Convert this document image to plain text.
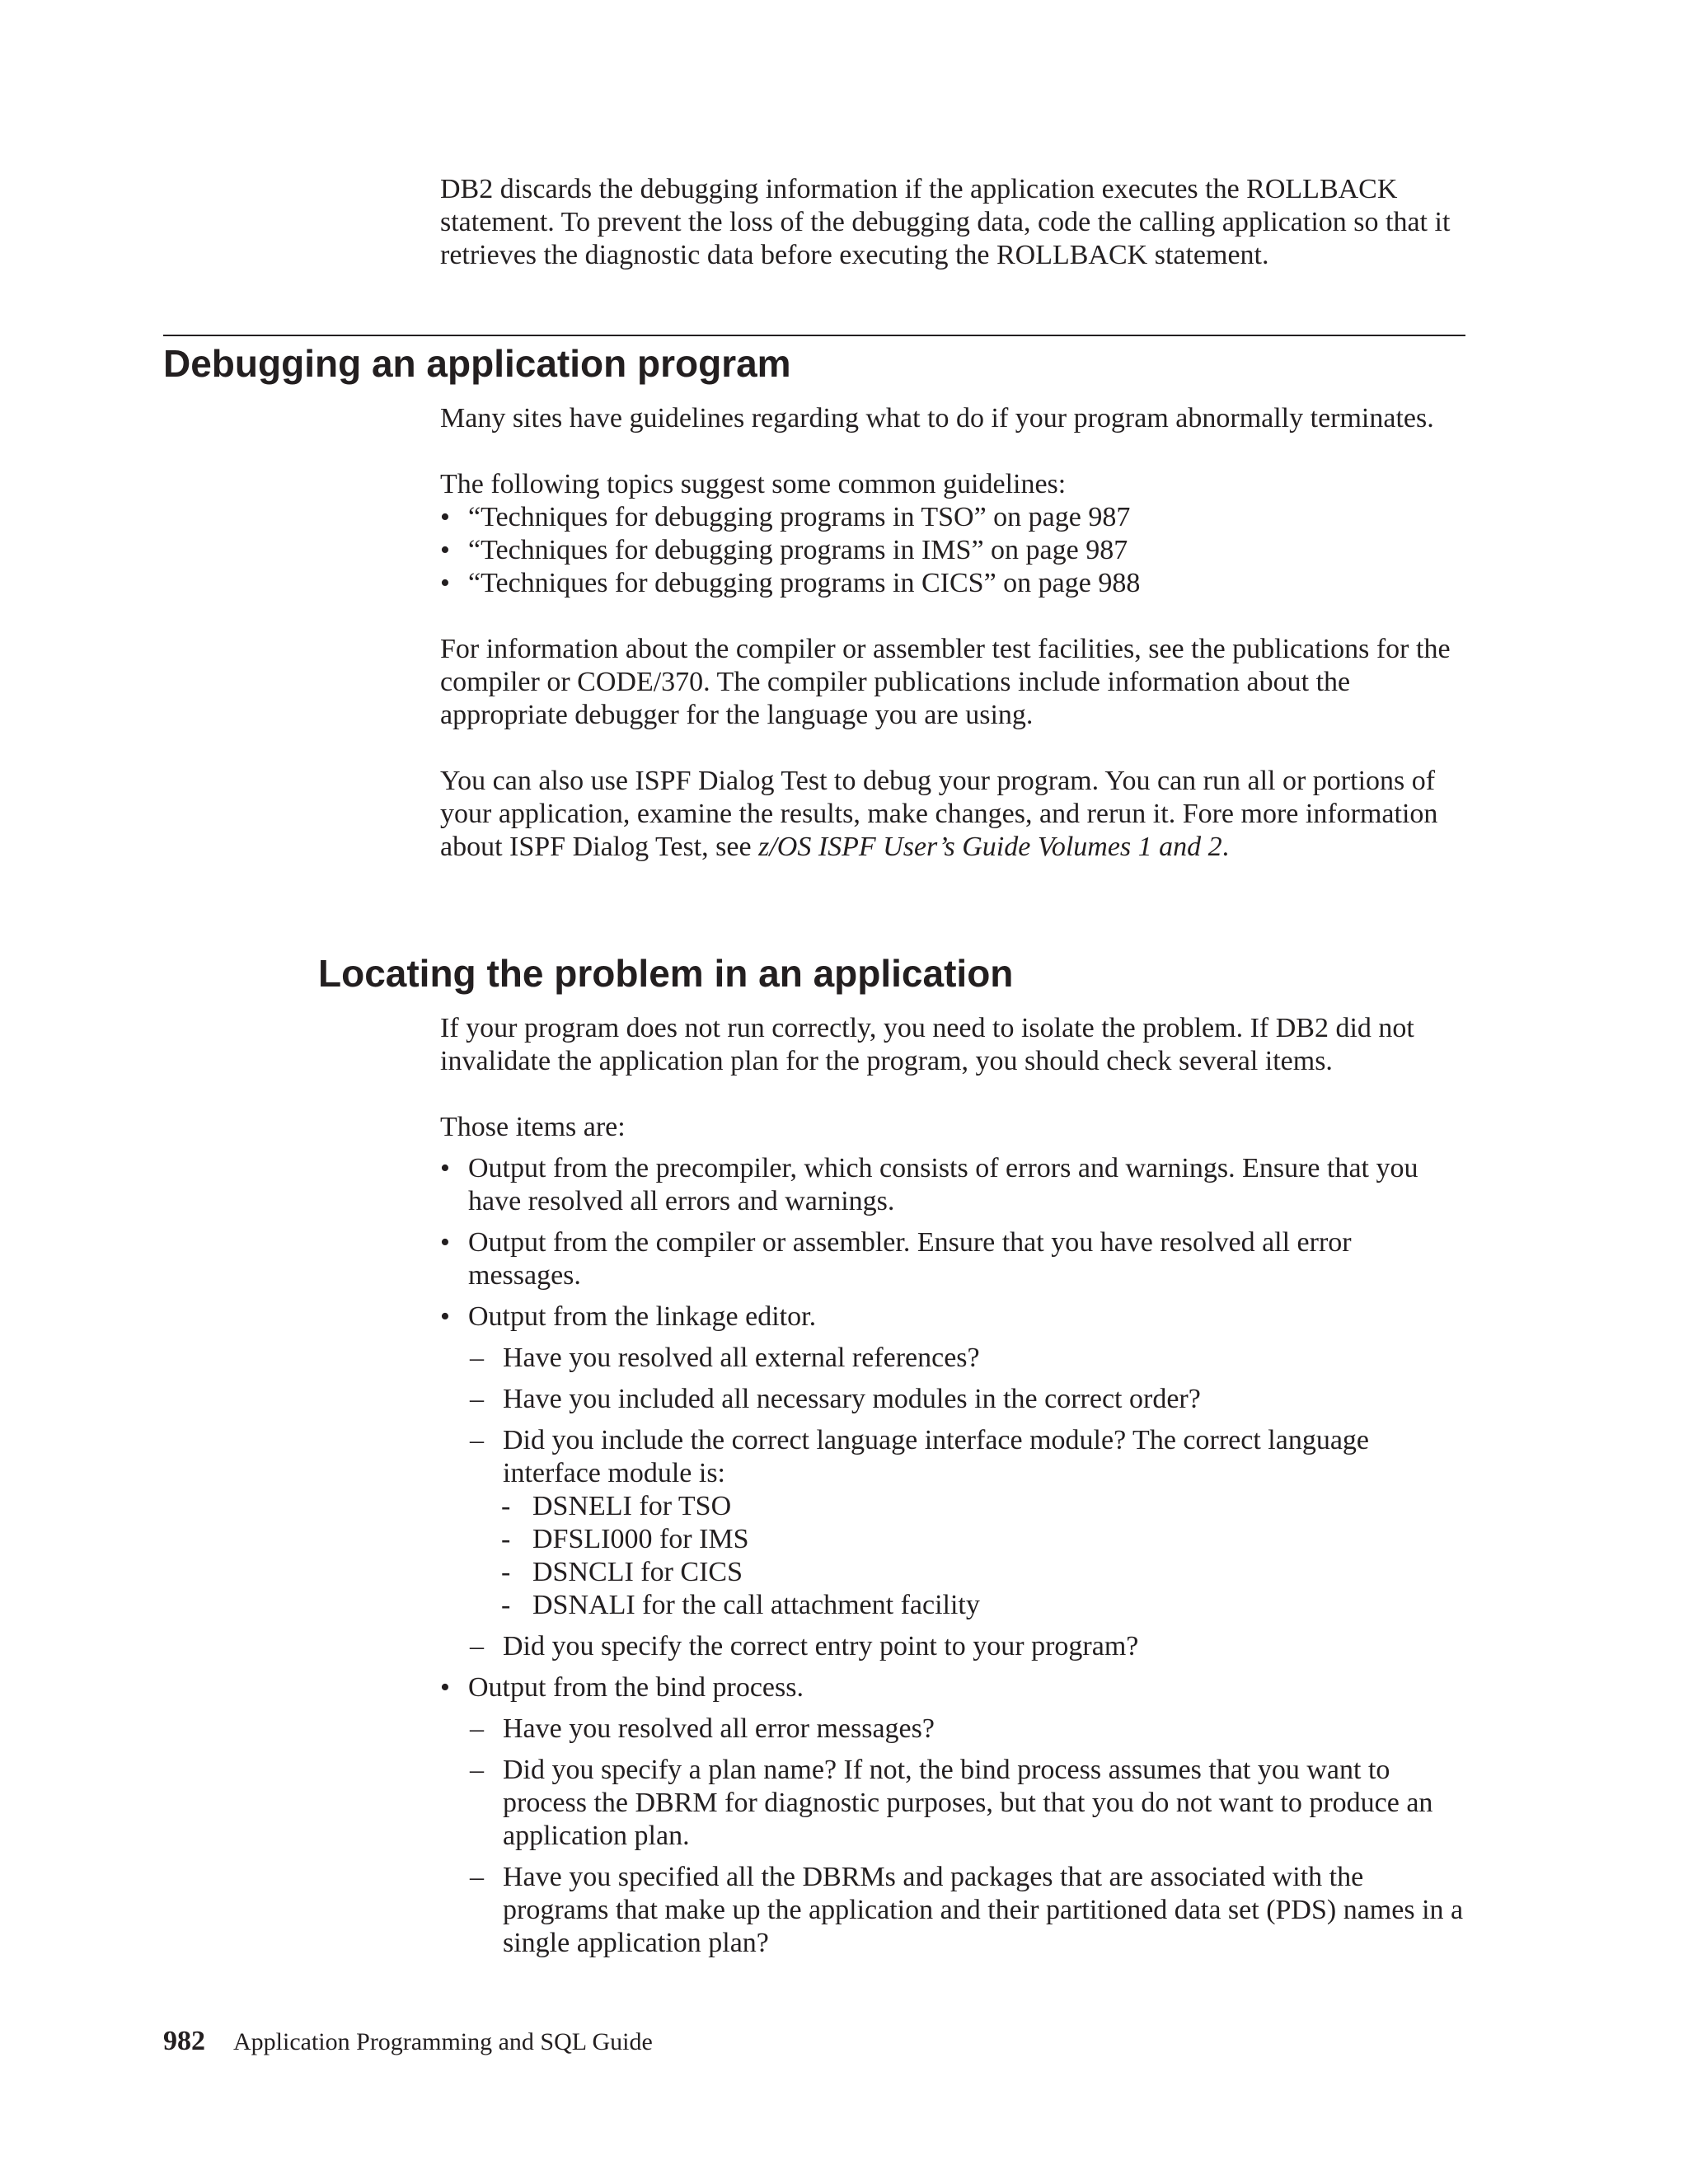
DB2 discards the debugging information if the application executes the ROLLBACK statement. To prevent the loss of the debugging data, code the calling application so that it retrieves the diagnostic data before executing the ROLLBACK statement.

Debugging an application program

Many sites have guidelines regarding what to do if your program abnormally terminates.

The following topics suggest some common guidelines:

• “Techniques for debugging programs in TSO” on page 987
• “Techniques for debugging programs in IMS” on page 987
• “Techniques for debugging programs in CICS” on page 988

For information about the compiler or assembler test facilities, see the publications for the compiler or CODE/370. The compiler publications include information about the appropriate debugger for the language you are using.

You can also use ISPF Dialog Test to debug your program. You can run all or portions of your application, examine the results, make changes, and rerun it. Fore more information about ISPF Dialog Test, see z/OS ISPF User’s Guide Volumes 1 and 2.

Locating the problem in an application

If your program does not run correctly, you need to isolate the problem. If DB2 did not invalidate the application plan for the program, you should check several items.

Those items are:

• Output from the precompiler, which consists of errors and warnings. Ensure that you have resolved all errors and warnings.
• Output from the compiler or assembler. Ensure that you have resolved all error messages.
• Output from the linkage editor.
– Have you resolved all external references?
– Have you included all necessary modules in the correct order?
– Did you include the correct language interface module? The correct language interface module is:
- DSNELI for TSO
- DFSLI000 for IMS
- DSNCLI for CICS
- DSNALI for the call attachment facility
– Did you specify the correct entry point to your program?
• Output from the bind process.
– Have you resolved all error messages?
– Did you specify a plan name? If not, the bind process assumes that you want to process the DBRM for diagnostic purposes, but that you do not want to produce an application plan.
– Have you specified all the DBRMs and packages that are associated with the programs that make up the application and their partitioned data set (PDS) names in a single application plan?
982 Application Programming and SQL Guide
